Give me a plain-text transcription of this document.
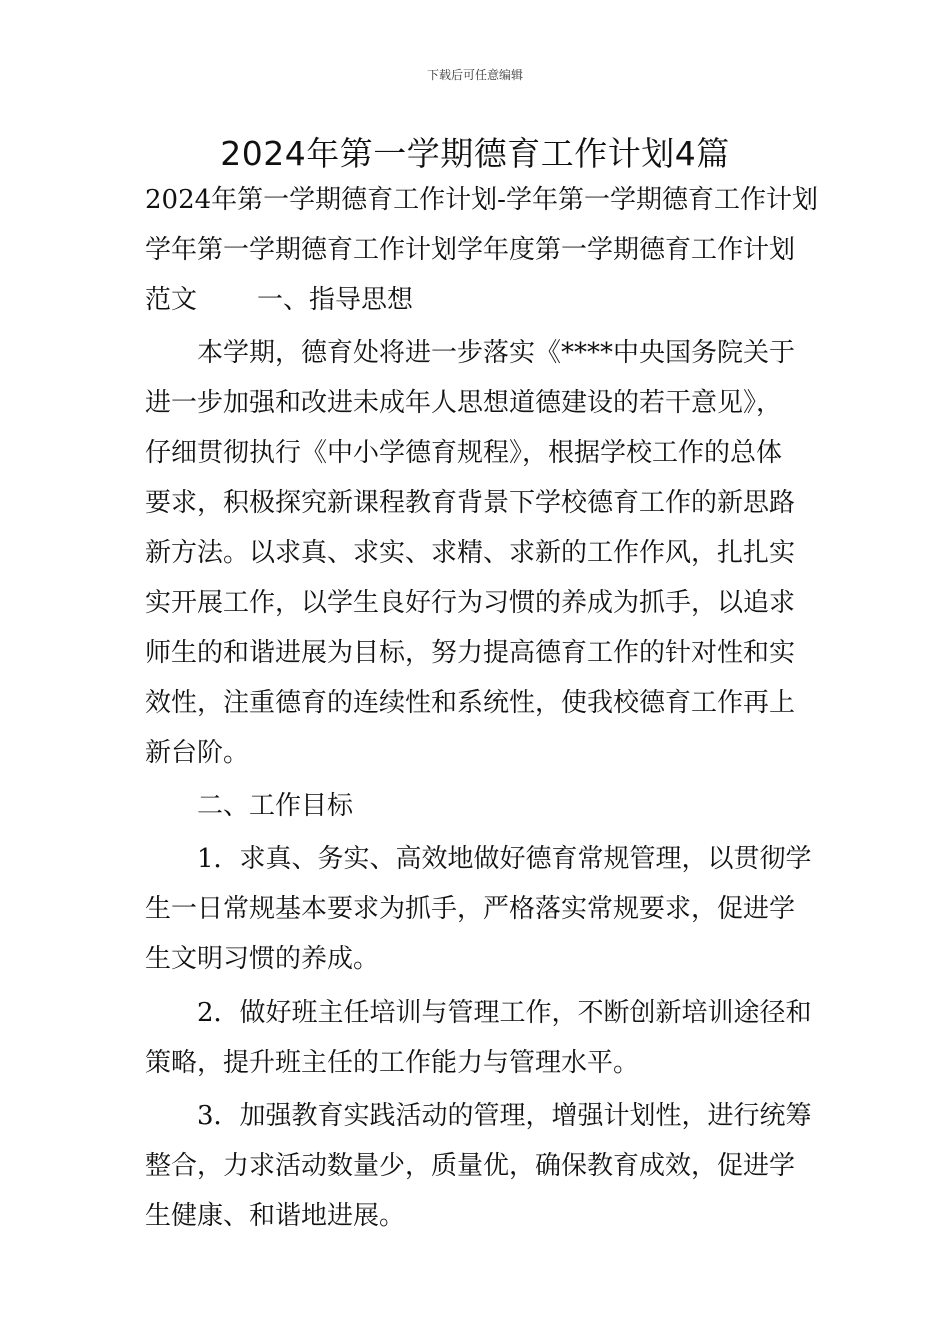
下载后可任意编辑
2024年第一学期德育工作计划4篇
2024年第一学期德育工作计划-学年第一学期德育工作计划
学年第一学期德育工作计划学年度第一学期德育工作计划
范文 一、指导思想
本学期，德育处将进一步落实《****中央国务院关于
进一步加强和改进未成年人思想道德建设的若干意见》，
仔细贯彻执行《中小学德育规程》，根据学校工作的总体
要求，积极探究新课程教育背景下学校德育工作的新思路
新方法。以求真、求实、求精、求新的工作作风，扎扎实
实开展工作，以学生良好行为习惯的养成为抓手，以追求
师生的和谐进展为目标，努力提高德育工作的针对性和实
效性，注重德育的连续性和系统性，使我校德育工作再上
新台阶。
二、工作目标
1．求真、务实、高效地做好德育常规管理，以贯彻学
生一日常规基本要求为抓手，严格落实常规要求，促进学
生文明习惯的养成。
2．做好班主任培训与管理工作，不断创新培训途径和
策略，提升班主任的工作能力与管理水平。
3．加强教育实践活动的管理，增强计划性，进行统筹
整合，力求活动数量少，质量优，确保教育成效，促进学
生健康、和谐地进展。
